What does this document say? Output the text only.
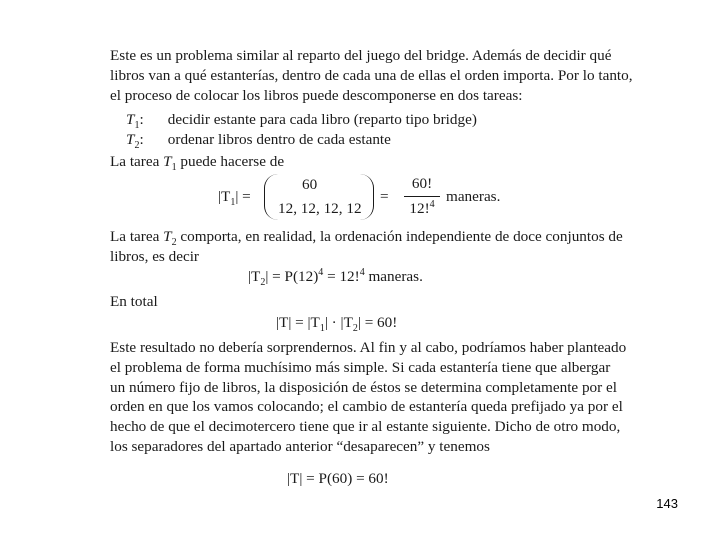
Este es un problema similar al reparto del juego del bridge. Además de decidir qué
libros van a qué estanterías, dentro de cada una de ellas el orden importa. Por lo tanto,
el proceso de colocar los libros puede descomponerse en dos tareas:
$T_1$: decidir estante para cada libro (reparto tipo bridge)
$T_2$: ordenar libros dentro de cada estante
La tarea $T_1$ puede hacerse de
$|T_1|$ =
60
12, 12, 12, 12
=
60!
12!$^4$ maneras.
La tarea $T_2$ comporta, en realidad, la ordenación independiente de doce conjuntos de
libros, es decir
$|T_2| = P(12)^4 = 12!^4$ maneras.
En total
$|T| = |T_1| \cdot |T_2| = 60$!
Este resultado no debería sorprendernos. Al fin y al cabo, podríamos haber planteado
el problema de forma muchísimo más simple. Si cada estantería tiene que albergar
un número fijo de libros, la disposición de éstos se determina completamente por el
orden en que los vamos colocando; el cambio de estantería queda prefijado ya por el
hecho de que el decimotercero tiene que ir al estante siguiente. Dicho de otro modo,
los separadores del apartado anterior “desaparecen” y tenemos
|T| = P(60) = 60!
143
